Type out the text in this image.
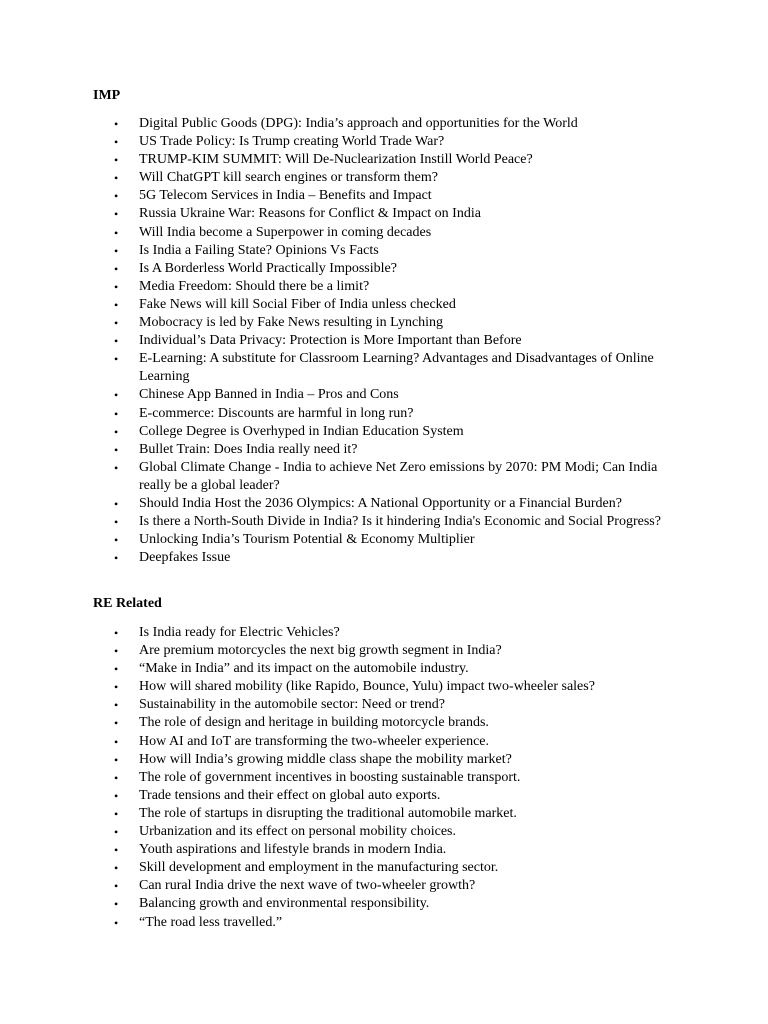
IMP
• Digital Public Goods (DPG): India’s approach and opportunities for the World
• US Trade Policy: Is Trump creating World Trade War?
• TRUMP-KIM SUMMIT: Will De-Nuclearization Instill World Peace?
• Will ChatGPT kill search engines or transform them?
• 5G Telecom Services in India – Benefits and Impact
• Russia Ukraine War: Reasons for Conflict & Impact on India
• Will India become a Superpower in coming decades
• Is India a Failing State? Opinions Vs Facts
• Is A Borderless World Practically Impossible?
• Media Freedom: Should there be a limit?
• Fake News will kill Social Fiber of India unless checked
• Mobocracy is led by Fake News resulting in Lynching
• Individual’s Data Privacy: Protection is More Important than Before
• E-Learning: A substitute for Classroom Learning? Advantages and Disadvantages of Online Learning
• Chinese App Banned in India – Pros and Cons
• E-commerce: Discounts are harmful in long run?
• College Degree is Overhyped in Indian Education System
• Bullet Train: Does India really need it?
• Global Climate Change - India to achieve Net Zero emissions by 2070: PM Modi; Can India really be a global leader?
• Should India Host the 2036 Olympics: A National Opportunity or a Financial Burden?
• Is there a North-South Divide in India? Is it hindering India's Economic and Social Progress?
• Unlocking India’s Tourism Potential & Economy Multiplier
• Deepfakes Issue
RE Related
• Is India ready for Electric Vehicles?
• Are premium motorcycles the next big growth segment in India?
• “Make in India” and its impact on the automobile industry.
• How will shared mobility (like Rapido, Bounce, Yulu) impact two-wheeler sales?
• Sustainability in the automobile sector: Need or trend?
• The role of design and heritage in building motorcycle brands.
• How AI and IoT are transforming the two-wheeler experience.
• How will India’s growing middle class shape the mobility market?
• The role of government incentives in boosting sustainable transport.
• Trade tensions and their effect on global auto exports.
• The role of startups in disrupting the traditional automobile market.
• Urbanization and its effect on personal mobility choices.
• Youth aspirations and lifestyle brands in modern India.
• Skill development and employment in the manufacturing sector.
• Can rural India drive the next wave of two-wheeler growth?
• Balancing growth and environmental responsibility.
• “The road less travelled.”
